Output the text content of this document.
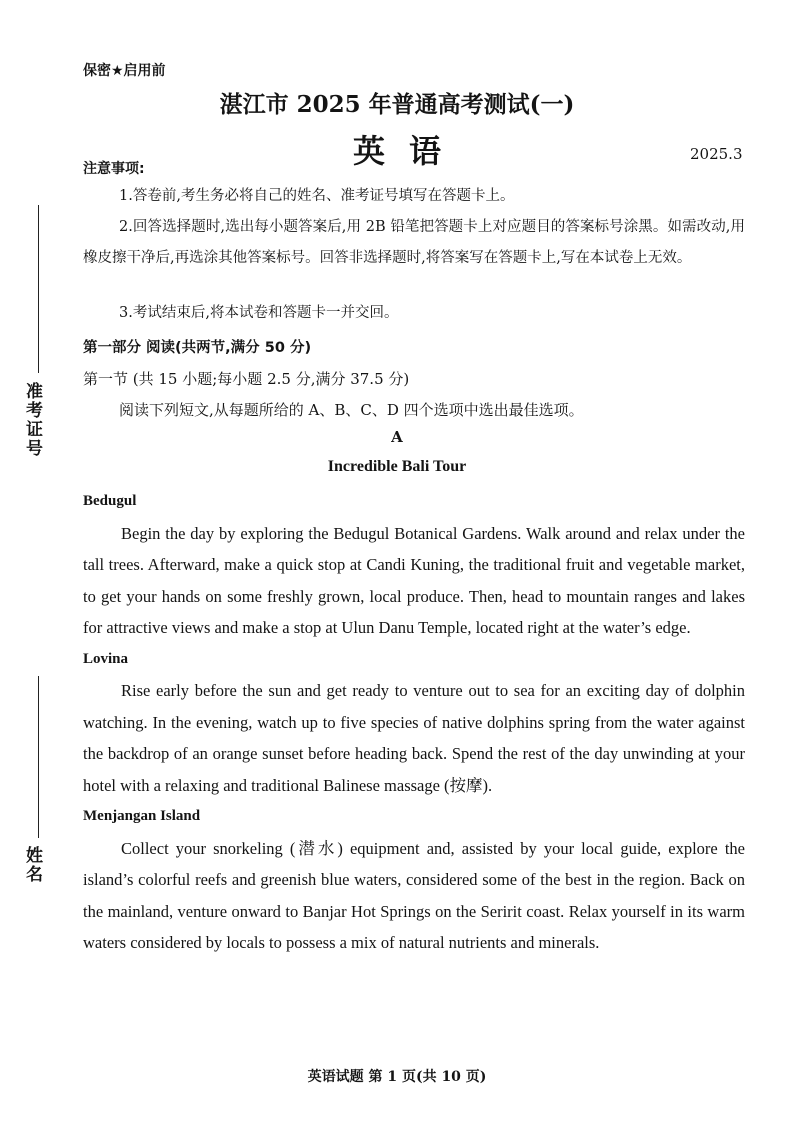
准考证号
姓名
保密★启用前
湛江市 2025 年普通高考测试(一)
英语	2025.3
注意事项:
1.答卷前,考生务必将自己的姓名、准考证号填写在答题卡上。
2.回答选择题时,选出每小题答案后,用 2B 铅笔把答题卡上对应题目的答案标号涂黑。如需改动,用橡皮擦干净后,再选涂其他答案标号。回答非选择题时,将答案写在答题卡上,写在本试卷上无效。
3.考试结束后,将本试卷和答题卡一并交回。
第一部分 阅读(共两节,满分 50 分)
第一节 (共 15 小题;每小题 2.5 分,满分 37.5 分)
阅读下列短文,从每题所给的 A、B、C、D 四个选项中选出最佳选项。
A
Incredible Bali Tour

Bedugul

Begin the day by exploring the Bedugul Botanical Gardens. Walk around and relax under the tall trees. Afterward, make a quick stop at Candi Kuning, the traditional fruit and vegetable market, to get your hands on some freshly grown, local produce. Then, head to mountain ranges and lakes for attractive views and make a stop at Ulun Danu Temple, located right at the water’s edge.

Lovina

Rise early before the sun and get ready to venture out to sea for an exciting day of dolphin watching. In the evening, watch up to five species of native dolphins spring from the water against the backdrop of an orange sunset before heading back. Spend the rest of the day unwinding at your hotel with a relaxing and traditional Balinese massage (按摩).

Menjangan Island

Collect your snorkeling (潜水) equipment and, assisted by your local guide, explore the island’s colorful reefs and greenish blue waters, considered some of the best in the region. Back on the mainland, venture onward to Banjar Hot Springs on the Seririt coast. Relax yourself in its warm waters considered by locals to possess a mix of natural nutrients and minerals.

英语试题 第 1 页(共 10 页)
